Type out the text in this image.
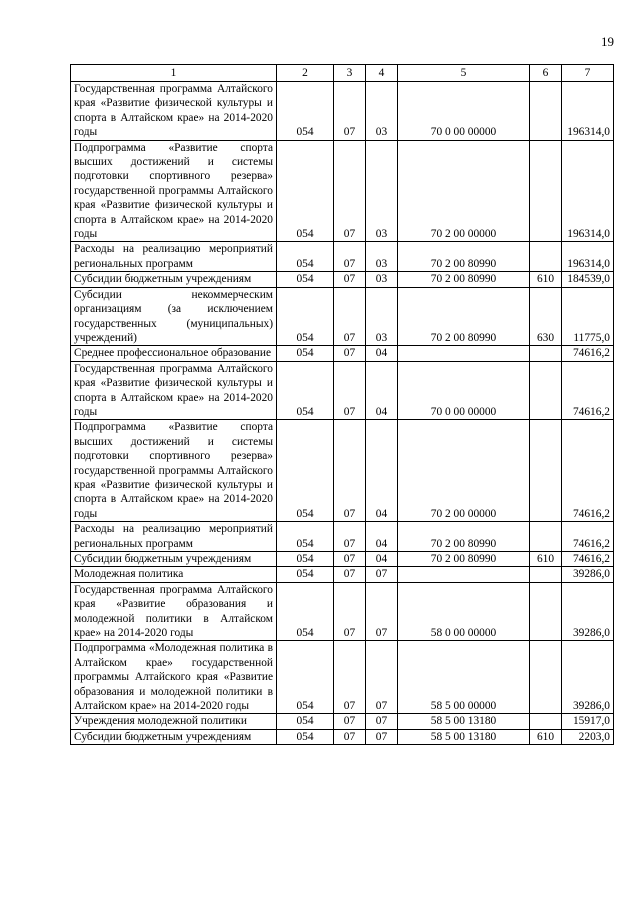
19
1	2	3	4	5	6	7
Государственная программа Алтайского края «Развитие физической культуры и спорта в Алтайском крае» на 2014-2020 годы	054	07	03	70 0 00 00000		196314,0
Подпрограмма «Развитие спорта высших достижений и системы подготовки спортивного резерва» государственной программы Алтайского края «Развитие физической культуры и спорта в Алтайском крае» на 2014-2020 годы	054	07	03	70 2 00 00000		196314,0
Расходы на реализацию мероприятий региональных программ	054	07	03	70 2 00 80990		196314,0
Субсидии бюджетным учреждениям	054	07	03	70 2 00 80990	610	184539,0
Субсидии некоммерческим организациям (за исключением государственных (муниципальных) учреждений)	054	07	03	70 2 00 80990	630	11775,0
Среднее профессиональное образование	054	07	04			74616,2
Государственная программа Алтайского края «Развитие физической культуры и спорта в Алтайском крае» на 2014-2020 годы	054	07	04	70 0 00 00000		74616,2
Подпрограмма «Развитие спорта высших достижений и системы подготовки спортивного резерва» государственной программы Алтайского края «Развитие физической культуры и спорта в Алтайском крае» на 2014-2020 годы	054	07	04	70 2 00 00000		74616,2
Расходы на реализацию мероприятий региональных программ	054	07	04	70 2 00 80990		74616,2
Субсидии бюджетным учреждениям	054	07	04	70 2 00 80990	610	74616,2
Молодежная политика	054	07	07			39286,0
Государственная программа Алтайского края «Развитие образования и молодежной политики в Алтайском крае» на 2014-2020 годы	054	07	07	58 0 00 00000		39286,0
Подпрограмма «Молодежная политика в Алтайском крае» государственной программы Алтайского края «Развитие образования и молодежной политики в Алтайском крае» на 2014-2020 годы	054	07	07	58 5 00 00000		39286,0
Учреждения молодежной политики	054	07	07	58 5 00 13180		15917,0
Субсидии бюджетным учреждениям	054	07	07	58 5 00 13180	610	2203,0
